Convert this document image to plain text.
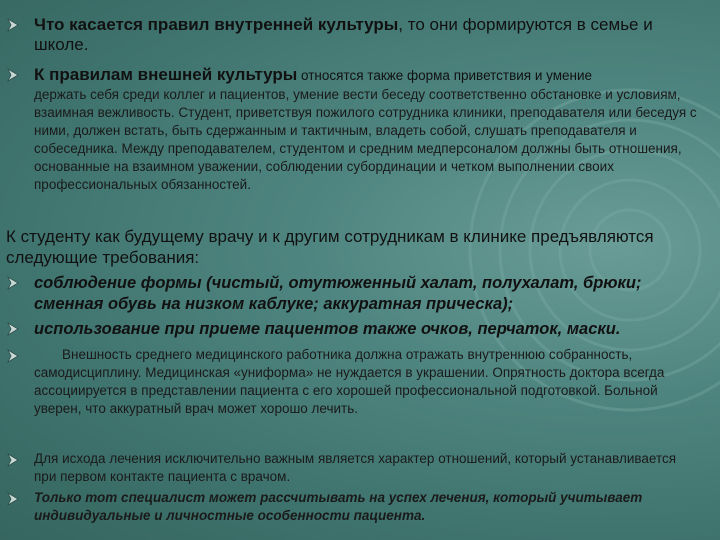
Что касается правил внутренней культуры, то они формируются в семье и школе.

К правилам внешней культуры относятся также форма приветствия и умение

держать себя среди коллег и пациентов, умение вести беседу соответственно обстановке и условиям, взаимная вежливость. Студент, приветствуя пожилого сотрудника клиники, преподавателя или беседуя с ними, должен встать, быть сдержанным и тактичным, владеть собой, слушать преподавателя и собеседника. Между преподавателем, студентом и средним медперсоналом должны быть отношения, основанные на взаимном уважении, соблюдении субординации и четком выполнении своих профессиональных обязанностей.

К студенту как будущему врачу и к другим сотрудникам в клинике предъявляются следующие требования:

соблюдение формы (чистый, отутюженный халат, полухалат, брюки; сменная обувь на низком каблуке; аккуратная прическа);

использование при приеме пациентов также очков, перчаток, маски.

Внешность среднего медицинского работника должна отражать внутреннюю собранность, самодисциплину. Медицинская «униформа» не нуждается в украшении. Опрятность доктора всегда ассоциируется в представлении пациента с его хорошей профессиональной подготовкой. Больной уверен, что аккуратный врач может хорошо лечить.

Для исхода лечения исключительно важным является характер отношений, который устанавливается при первом контакте пациента с врачом.

Только тот специалист может рассчитывать на успех лечения, который учитывает индивидуальные и личностные особенности пациента.
